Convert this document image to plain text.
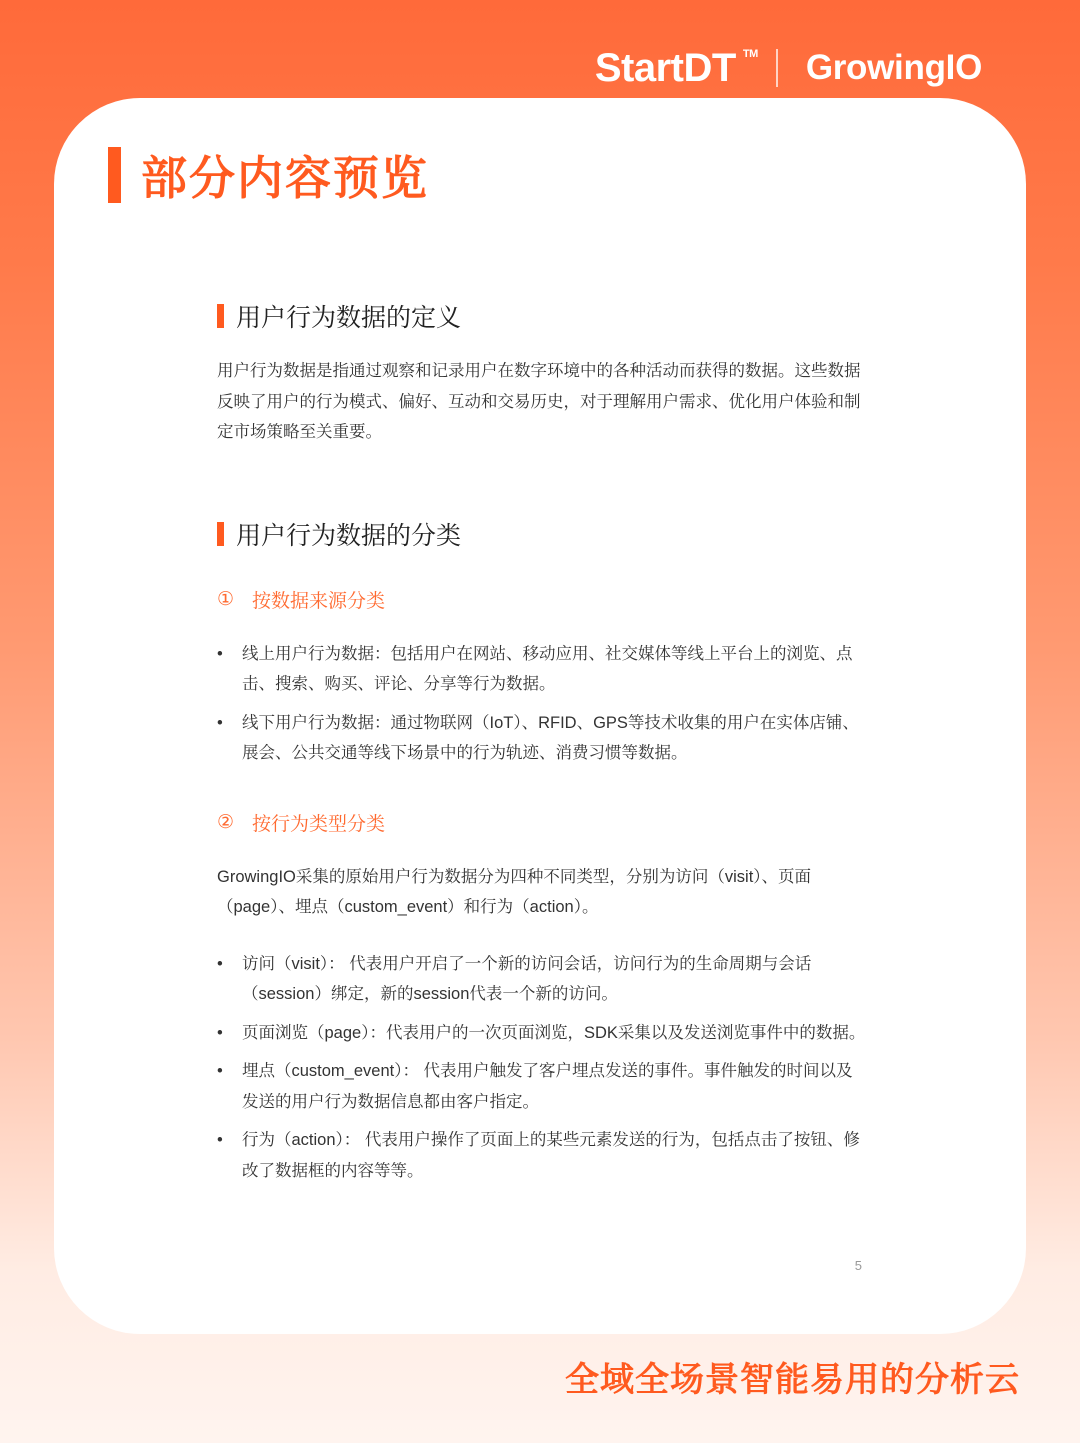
StartDT TM GrowingIO
部分内容预览
用户行为数据的定义

用户行为数据是指通过观察和记录用户在数字环境中的各种活动而获得的数据。这些数据反映了用户的行为模式、偏好、互动和交易历史，对于理解用户需求、优化用户体验和制定市场策略至关重要。

用户行为数据的分类
① 按数据来源分类
•	线上用户行为数据：包括用户在网站、移动应用、社交媒体等线上平台上的浏览、点击、搜索、购买、评论、分享等行为数据。
•	线下用户行为数据：通过物联网（IoT）、RFID、GPS等技术收集的用户在实体店铺、展会、公共交通等线下场景中的行为轨迹、消费习惯等数据。
② 按行为类型分类

GrowingIO采集的原始用户行为数据分为四种不同类型，分别为访问（visit）、页面（page）、埋点（custom_event）和行为（action）。

•	访问（visit）： 代表用户开启了一个新的访问会话，访问行为的生命周期与会话（session）绑定，新的session代表一个新的访问。
•	页面浏览（page）：代表用户的一次页面浏览，SDK采集以及发送浏览事件中的数据。
•	埋点（custom_event）： 代表用户触发了客户埋点发送的事件。事件触发的时间以及发送的用户行为数据信息都由客户指定。
•	行为（action）： 代表用户操作了页面上的某些元素发送的行为，包括点击了按钮、修改了数据框的内容等等。
5
全域全场景智能易用的分析云
